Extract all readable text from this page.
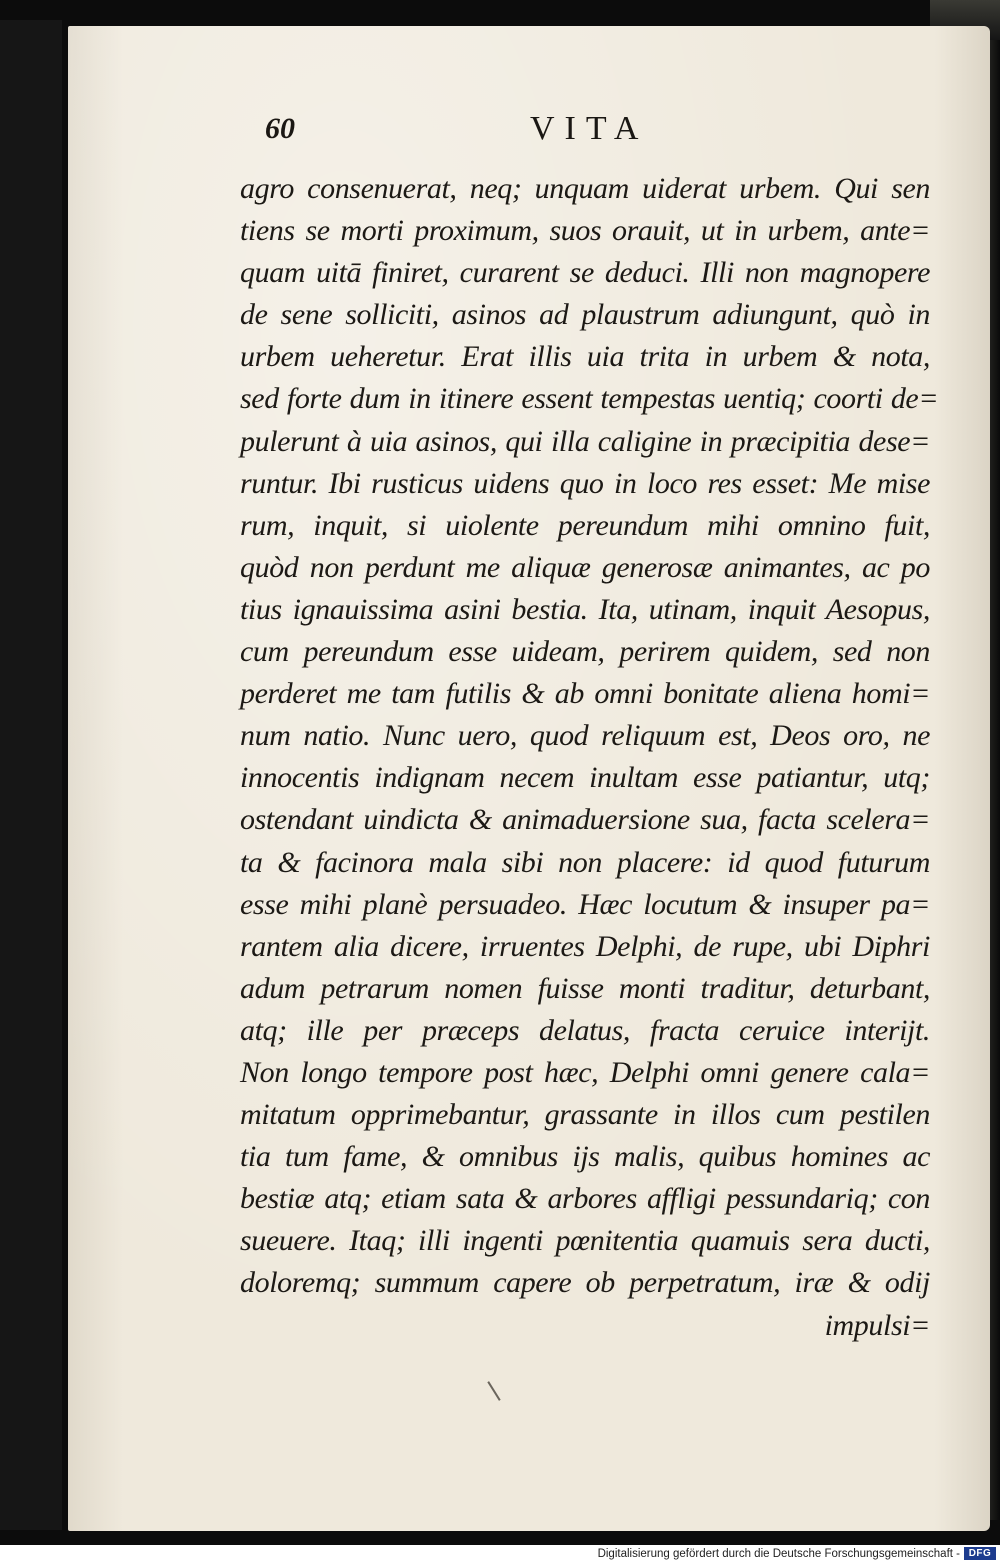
60	VITA
agro consenuerat, neq; unquam uiderat urbem. Qui sen
tiens se morti proximum, suos orauit, ut in urbem, ante=
quam uitā finiret, curarent se deduci. Illi non magnopere
de sene solliciti, asinos ad plaustrum adiungunt, quò in
urbem ueheretur. Erat illis uia trita in urbem & nota,
sed forte dum in itinere essent tempestas uentiq; coorti de=
pulerunt à uia asinos, qui illa caligine in præcipitia dese=
runtur. Ibi rusticus uidens quo in loco res esset: Me mise
rum, inquit, si uiolente pereundum mihi omnino fuit,
quòd non perdunt me aliquæ generosæ animantes, ac po
tius ignauissima asini bestia. Ita, utinam, inquit Aesopus,
cum pereundum esse uideam, perirem quidem, sed non
perderet me tam futilis & ab omni bonitate aliena homi=
num natio. Nunc uero, quod reliquum est, Deos oro, ne
innocentis indignam necem inultam esse patiantur, utq;
ostendant uindicta & animaduersione sua, facta scelera=
ta & facinora mala sibi non placere: id quod futurum
esse mihi planè persuadeo. Hæc locutum & insuper pa=
rantem alia dicere, irruentes Delphi, de rupe, ubi Diphri
adum petrarum nomen fuisse monti traditur, deturbant,
atq; ille per præceps delatus, fracta ceruice interijt.
Non longo tempore post hæc, Delphi omni genere cala=
mitatum opprimebantur, grassante in illos cum pestilen
tia tum fame, & omnibus ijs malis, quibus homines ac
bestiæ atq; etiam sata & arbores affligi pessundariq; con
sueuere. Itaq; illi ingenti pœnitentia quamuis sera ducti,
doloremq; summum capere ob perpetratum, iræ & odij
impulsi=
Digitalisierung gefördert durch die Deutsche Forschungsgemeinschaft - DFG
